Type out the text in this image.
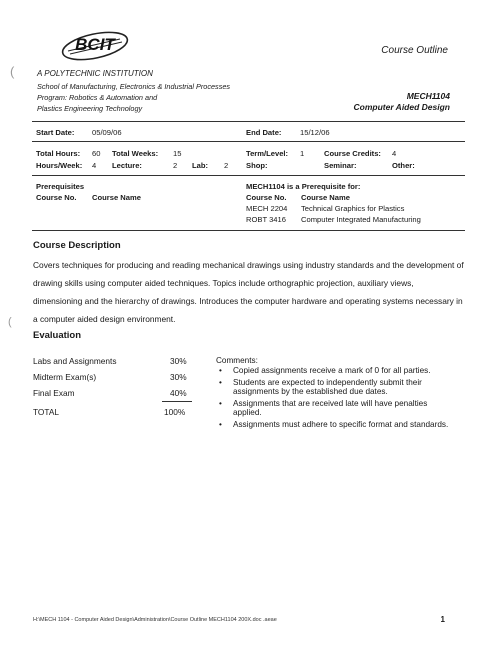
BCIT	Course Outline
A POLYTECHNIC INSTITUTION
School of Manufacturing, Electronics & Industrial Processes
Program: Robotics & Automation and
Plastics Engineering Technology
MECH1104
Computer Aided Design
Start Date: 05/09/06	End Date: 15/12/06
Total Hours: 60 Total Weeks: 15	Term/Level: 1	Course Credits: 4
Hours/Week: 4 Lecture:	2 Lab: 2 Shop:	Seminar:	Other:
Prerequisites
Course No. Course Name
MECH1104 is a Prerequisite for:
Course No. Course Name
MECH 2204 Technical Graphics for Plastics
ROBT 3416 Computer Integrated Manufacturing
Course Description
Covers techniques for producing and reading mechanical drawings using industry standards and the development of drawing skills using computer aided techniques. Topics include orthographic projection, auxiliary views, dimensioning and the hierarchy of drawings. Introduces the computer hardware and operating systems necessary in a computer aided design environment.
Evaluation
Labs and Assignments	30%
Midterm Exam(s)	30%
Final Exam	40%
TOTAL	100%
Comments:
• Copied assignments receive a mark of 0 for all parties.
• Students are expected to independently submit their assignments by the established due dates.
• Assignments that are received late will have penalties applied.
• Assignments must adhere to specific format and standards.
(
(
H:\MECH 1104 - Computer Aided Design\Administration\Course Outline MECH1104 200X.doc .aeae	1
